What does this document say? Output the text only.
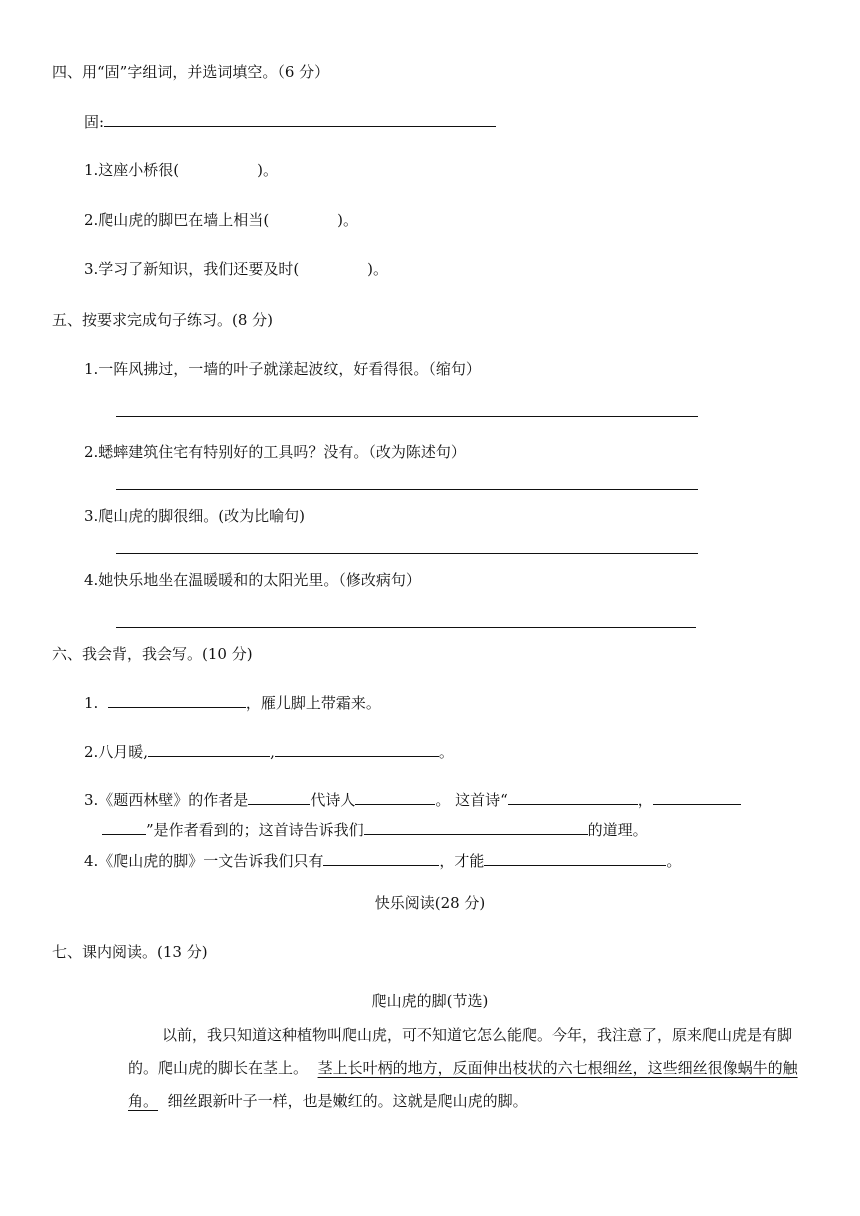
四、用“固”字组词，并选词填空。（6 分）
固:
1.这座小桥很(	)。
2.爬山虎的脚巴在墙上相当(	)。
3.学习了新知识，我们还要及时(	)。
五、按要求完成句子练习。(8 分)
1.一阵风拂过，一墙的叶子就漾起波纹，好看得很。（缩句）
2.蟋蟀建筑住宅有特别好的工具吗？没有。（改为陈述句）
3.爬山虎的脚很细。(改为比喻句)
4.她快乐地坐在温暖暖和的太阳光里。（修改病句）
六、我会背，我会写。(10 分)
1.	，雁儿脚上带霜来。
2.八月暖,	,	。
3.《题西林壁》的作者是	代诗人	。 这首诗“	，
”是作者看到的；这首诗告诉我们	的道理。
4.《爬山虎的脚》一文告诉我们只有	，才能	。
快乐阅读(28 分)
七、课内阅读。(13 分)
爬山虎的脚(节选)
以前，我只知道这种植物叫爬山虎，可不知道它怎么能爬。今年，我注意了，原来爬山虎是有脚的。爬山虎的脚长在茎上。 茎上长叶柄的地方，反面伸出枝状的六七根细丝，这些细丝很像蜗牛的触角。 细丝跟新叶子一样，也是嫩红的。这就是爬山虎的脚。
